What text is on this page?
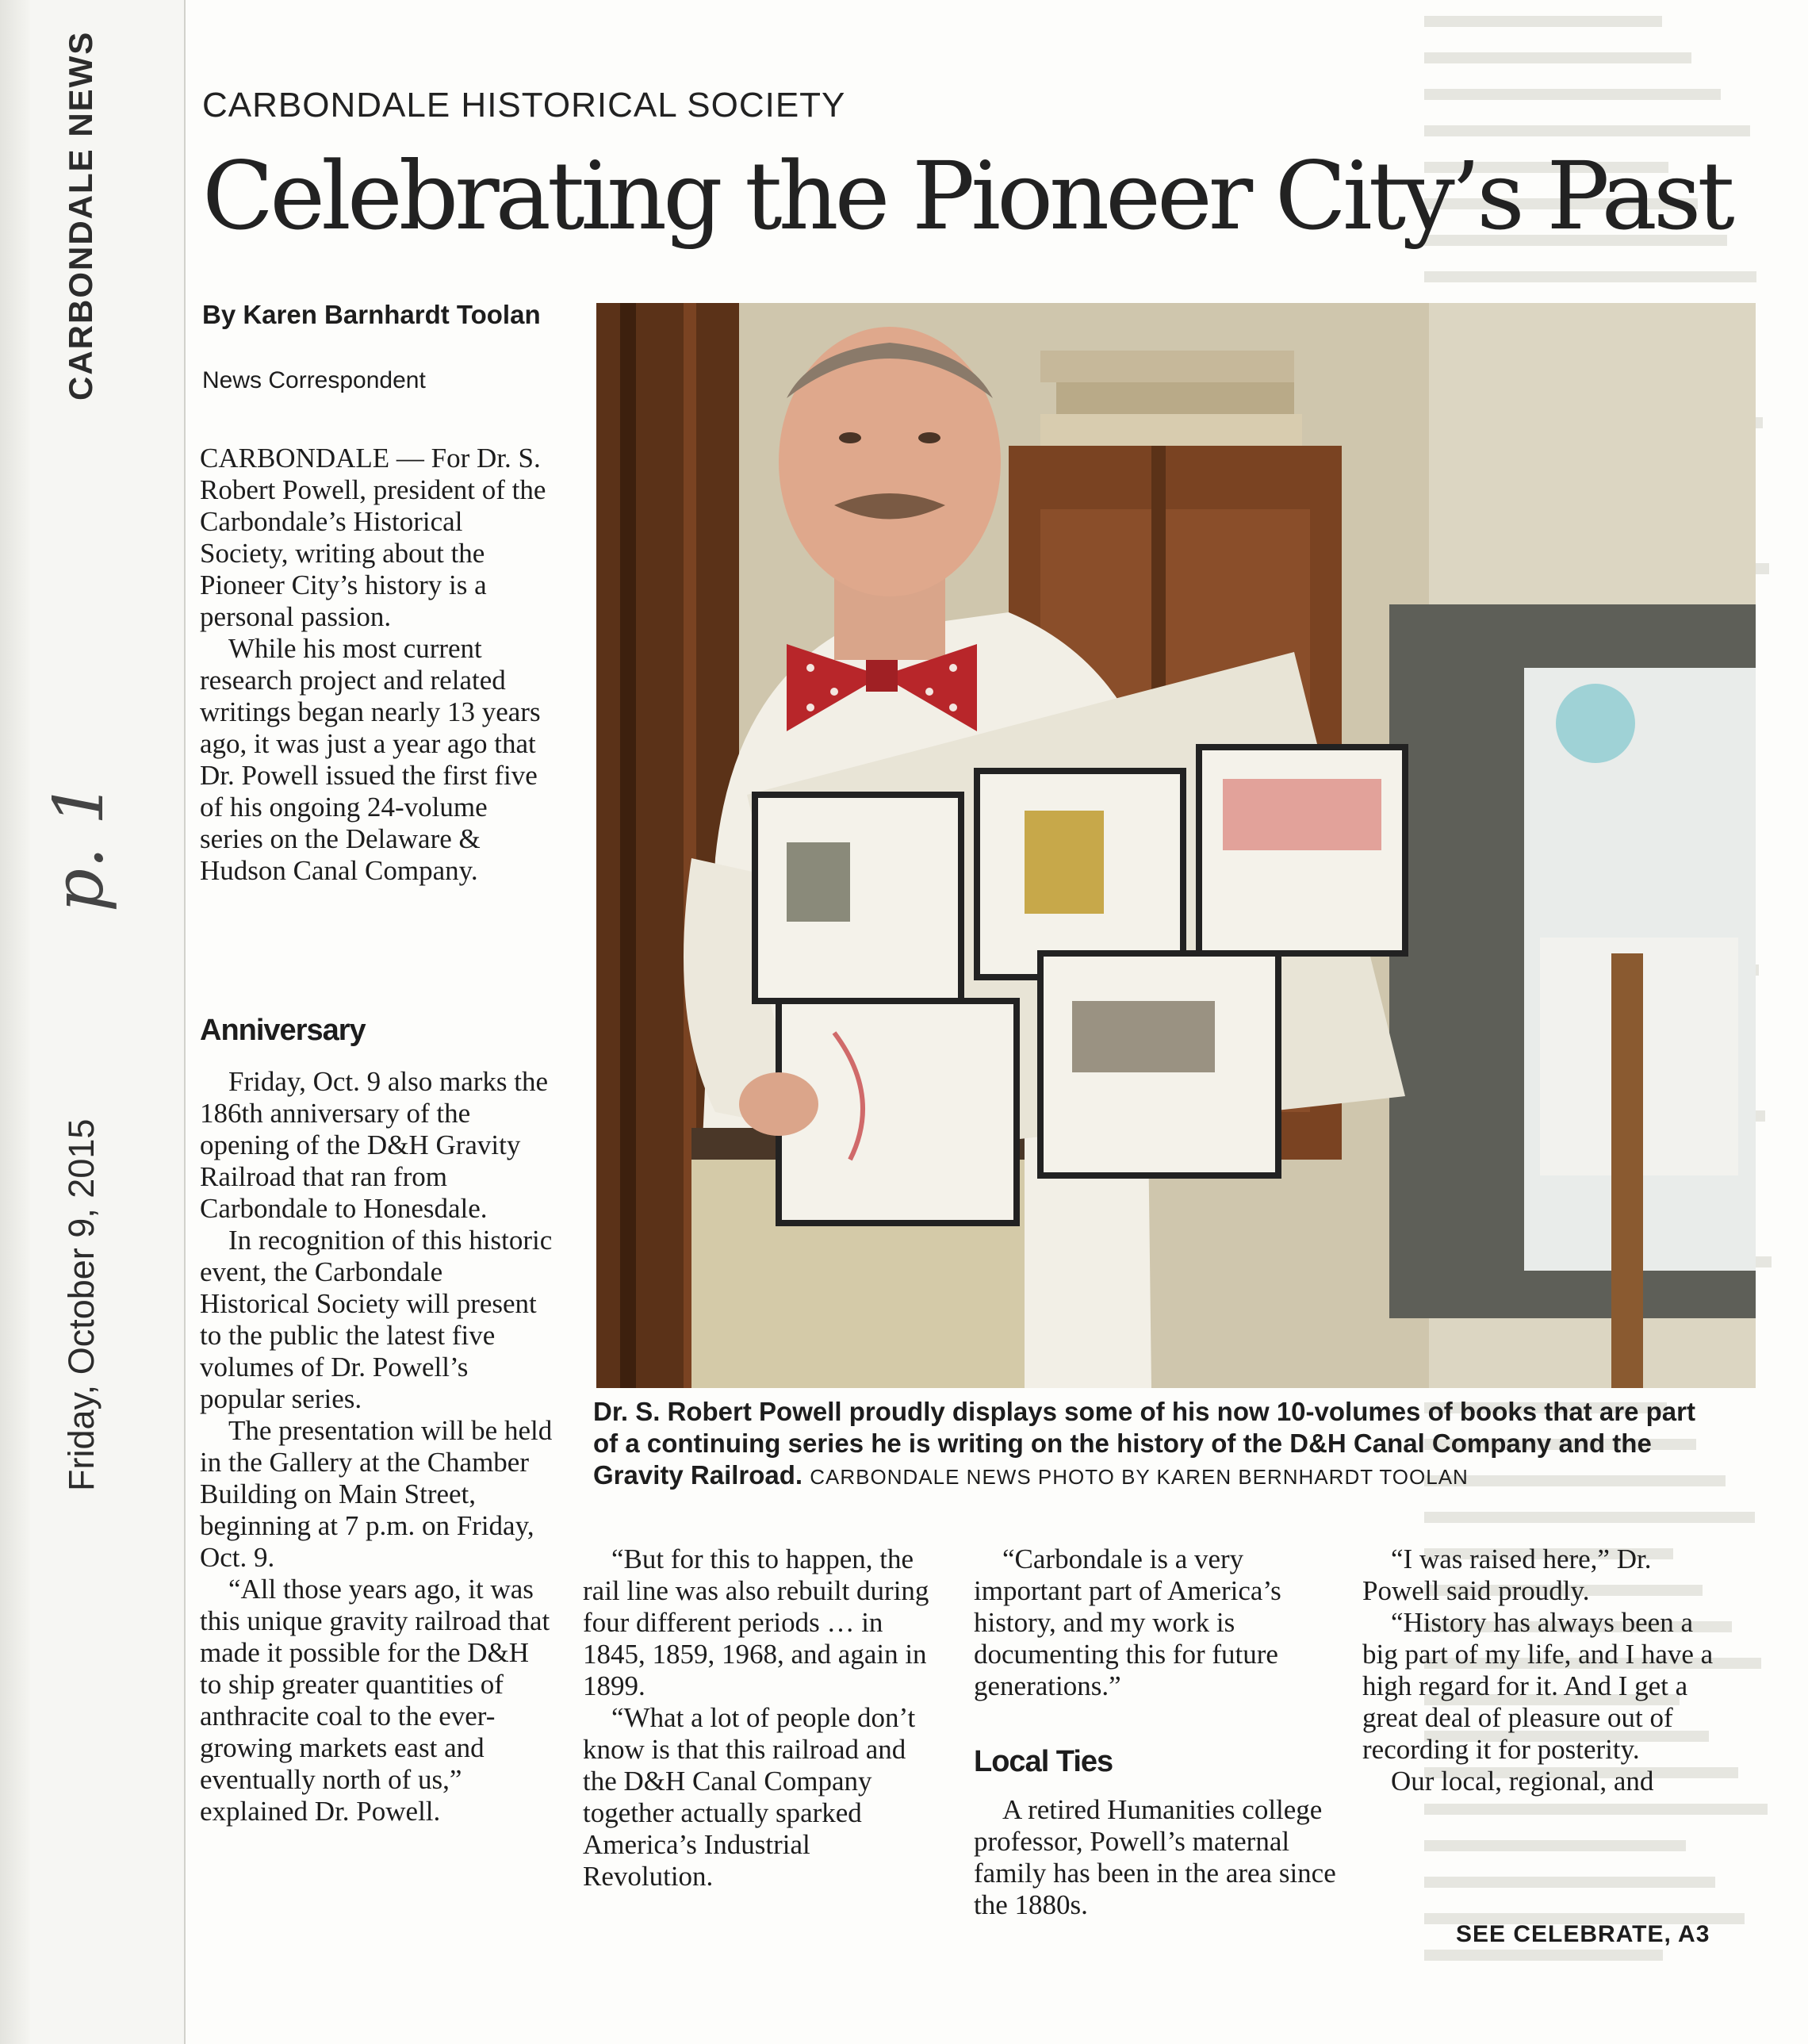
CARBONDALE NEWS
p. 1
Friday, October 9, 2015
CARBONDALE HISTORICAL SOCIETY
Celebrating the Pioneer City’s Past
By Karen Barnhardt Toolan
News Correspondent

CARBONDALE — For Dr. S. Robert Powell, president of the Carbondale’s Historical Society, writing about the Pioneer City’s history is a personal passion.

While his most current research project and related writings began nearly 13 years ago, it was just a year ago that Dr. Powell issued the first five of his ongoing 24-volume series on the Delaware & Hudson Canal Company.

Anniversary

Friday, Oct. 9 also marks the 186th anniversary of the opening of the D&H Gravity Railroad that ran from Carbondale to Honesdale.

In recognition of this historic event, the Carbondale Historical Society will present to the public the latest five volumes of Dr. Powell’s popular series.

The presentation will be held in the Gallery at the Chamber Building on Main Street, beginning at 7 p.m. on Friday, Oct. 9.

“All those years ago, it was this unique gravity railroad that made it possible for the D&H to ship greater quantities of anthracite coal to the ever-growing markets east and eventually north of us,” explained Dr. Powell.

Dr. S. Robert Powell proudly displays some of his now 10-volumes of books that are part of a continuing series he is writing on the history of the D&H Canal Company and the Gravity Railroad. CARBONDALE NEWS PHOTO BY KAREN BERNHARDT TOOLAN

“But for this to happen, the rail line was also rebuilt during four different periods … in 1845, 1859, 1968, and again in 1899.

“What a lot of people don’t know is that this railroad and the D&H Canal Company together actually sparked America’s Industrial Revolution.

“Carbondale is a very important part of America’s history, and my work is documenting this for future generations.”

Local Ties

A retired Humanities college professor, Powell’s maternal family has been in the area since the 1880s.

“I was raised here,” Dr. Powell said proudly.

“History has always been a big part of my life, and I have a high regard for it. And I get a great deal of pleasure out of recording it for posterity.

Our local, regional, and

SEE CELEBRATE, A3
